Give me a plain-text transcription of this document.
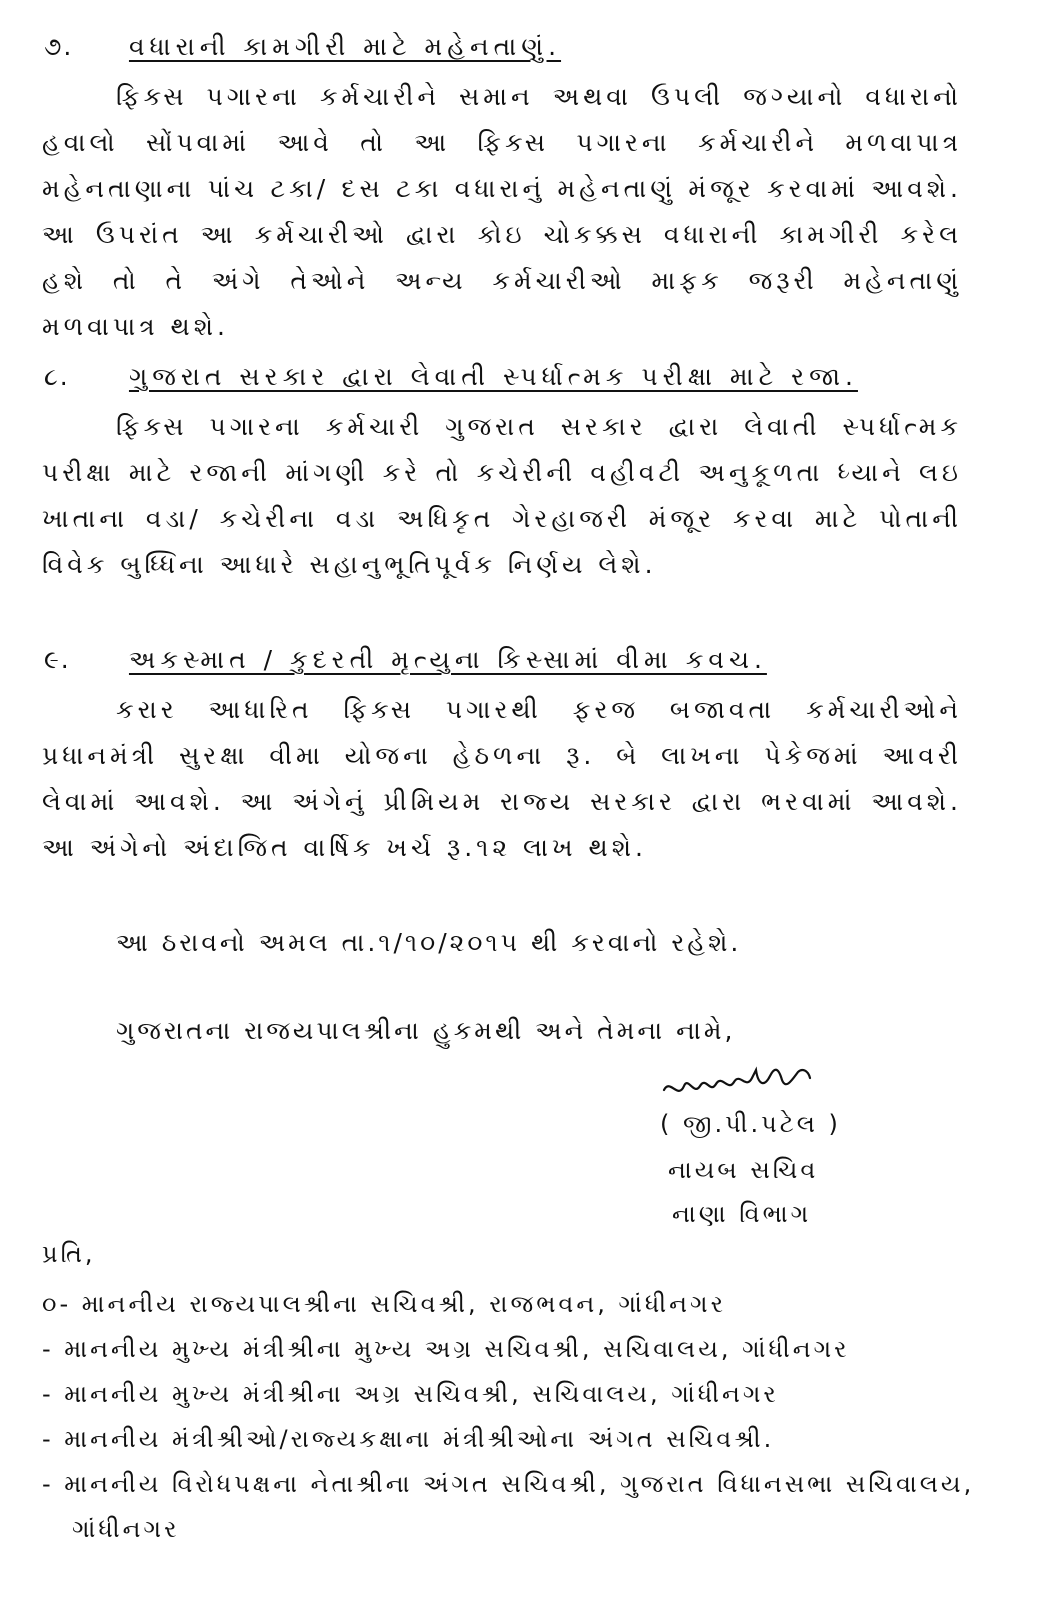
૭. વધારાની કામગીરી માટે મહેનતાણું.
ફિક્સ પગારના કર્મચારીને સમાન અથવા ઉપલી જગ્યાનો વધારાનો હવાલો સોંપવામાં આવે તો આ ફિક્સ પગારના કર્મચારીને મળવાપાત્ર મહેનતાણાના પાંચ ટકા/ દસ ટકા વધારાનું મહેનતાણું મંજૂર કરવામાં આવશે. આ ઉપરાંત આ કર્મચારીઓ દ્વારા કોઇ ચોકક્કસ વધારાની કામગીરી કરેલ હશે તો તે અંગે તેઓને અન્ય કર્મચારીઓ માફક જરૂરી મહેનતાણું મળવાપાત્ર થશે.
૮. ગુજરાત સરકાર દ્વારા લેવાતી સ્પર્ધાત્મક પરીક્ષા માટે રજા.
ફિક્સ પગારના કર્મચારી ગુજરાત સરકાર દ્વારા લેવાતી સ્પર્ધાત્મક પરીક્ષા માટે રજાની માંગણી કરે તો કચેરીની વહીવટી અનુકૂળતા ધ્યાને લઇ ખાતાના વડા/ કચેરીના વડા અધિકૃત ગેરહાજરી મંજૂર કરવા માટે પોતાની વિવેક બુધ્ધિના આધારે સહાનુભૂતિપૂર્વક નિર્ણય લેશે.
૯. અકસ્માત / કુદરતી મૃત્યુના કિસ્સામાં વીમા કવચ.
કરાર આધારિત ફિક્સ પગારથી ફરજ બજાવતા કર્મચારીઓને પ્રધાનમંત્રી સુરક્ષા વીમા યોજના હેઠળના રૂ. બે લાખના પેકેજમાં આવરી લેવામાં આવશે. આ અંગેનું પ્રીમિયમ રાજ્ય સરકાર દ્વારા ભરવામાં આવશે. આ અંગેનો અંદાજિત વાર્ષિક ખર્ચ રૂ.૧૨ લાખ થશે.
આ ઠરાવનો અમલ તા.૧/૧૦/૨૦૧૫ થી કરવાનો રહેશે.
ગુજરાતના રાજયપાલશ્રીના હુકમથી અને તેમના નામે,
( જી.પી.પટેલ )
નાયબ સચિવ
નાણા વિભાગ
પ્રતિ,
૦- માનનીય રાજ્યપાલશ્રીના સચિવશ્રી, રાજભવન, ગાંધીનગર
- માનનીય મુખ્ય મંત્રીશ્રીના મુખ્ય અગ્ર સચિવશ્રી, સચિવાલય, ગાંધીનગર
- માનનીય મુખ્ય મંત્રીશ્રીના અગ્ર સચિવશ્રી, સચિવાલય, ગાંધીનગર
- માનનીય મંત્રીશ્રીઓ/રાજ્યકક્ષાના મંત્રીશ્રીઓના અંગત સચિવશ્રી.
- માનનીય વિરોધપક્ષના નેતાશ્રીના અંગત સચિવશ્રી, ગુજરાત વિધાનસભા સચિવાલય,
ગાંધીનગર
